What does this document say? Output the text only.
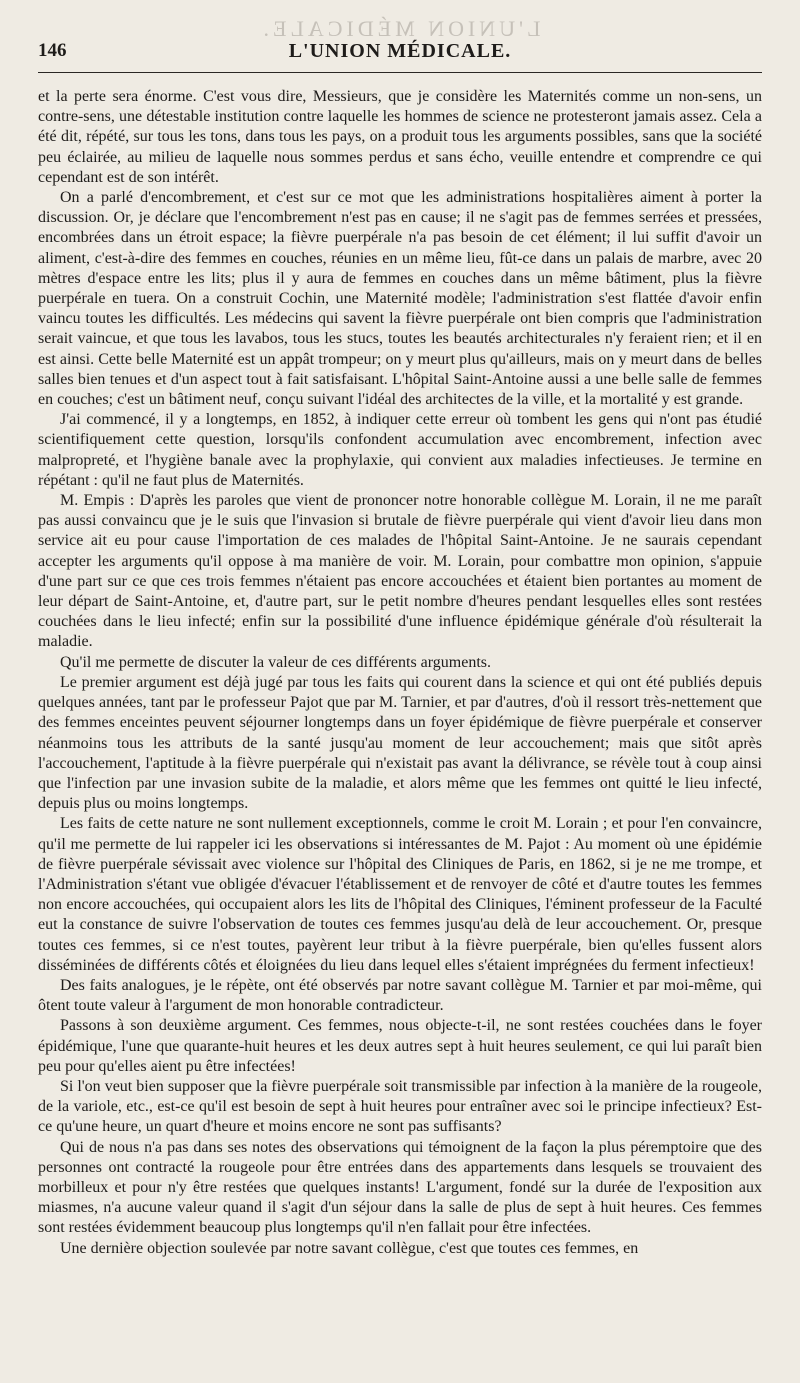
L'UNION MÉDICALE.
146	L'UNION MÉDICALE.

et la perte sera énorme. C'est vous dire, Messieurs, que je considère les Maternités comme un non-sens, un contre-sens, une détestable institution contre laquelle les hommes de science ne protesteront jamais assez. Cela a été dit, répété, sur tous les tons, dans tous les pays, on a produit tous les arguments possibles, sans que la société peu éclairée, au milieu de laquelle nous sommes perdus et sans écho, veuille entendre et comprendre ce qui cependant est de son intérêt.

On a parlé d'encombrement, et c'est sur ce mot que les administrations hospitalières aiment à porter la discussion. Or, je déclare que l'encombrement n'est pas en cause; il ne s'agit pas de femmes serrées et pressées, encombrées dans un étroit espace; la fièvre puerpérale n'a pas besoin de cet élément; il lui suffit d'avoir un aliment, c'est-à-dire des femmes en couches, réunies en un même lieu, fût-ce dans un palais de marbre, avec 20 mètres d'espace entre les lits; plus il y aura de femmes en couches dans un même bâtiment, plus la fièvre puerpérale en tuera. On a construit Cochin, une Maternité modèle; l'administration s'est flattée d'avoir enfin vaincu toutes les difficultés. Les médecins qui savent la fièvre puerpérale ont bien compris que l'administration serait vaincue, et que tous les lavabos, tous les stucs, toutes les beautés architecturales n'y feraient rien; et il en est ainsi. Cette belle Maternité est un appât trompeur; on y meurt plus qu'ailleurs, mais on y meurt dans de belles salles bien tenues et d'un aspect tout à fait satisfaisant. L'hôpital Saint-Antoine aussi a une belle salle de femmes en couches; c'est un bâtiment neuf, conçu suivant l'idéal des architectes de la ville, et la mortalité y est grande.

J'ai commencé, il y a longtemps, en 1852, à indiquer cette erreur où tombent les gens qui n'ont pas étudié scientifiquement cette question, lorsqu'ils confondent accumulation avec encombrement, infection avec malpropreté, et l'hygiène banale avec la prophylaxie, qui convient aux maladies infectieuses. Je termine en répétant : qu'il ne faut plus de Maternités.

M. Empis : D'après les paroles que vient de prononcer notre honorable collègue M. Lorain, il ne me paraît pas aussi convaincu que je le suis que l'invasion si brutale de fièvre puerpérale qui vient d'avoir lieu dans mon service ait eu pour cause l'importation de ces malades de l'hôpital Saint-Antoine. Je ne saurais cependant accepter les arguments qu'il oppose à ma manière de voir. M. Lorain, pour combattre mon opinion, s'appuie d'une part sur ce que ces trois femmes n'étaient pas encore accouchées et étaient bien portantes au moment de leur départ de Saint-Antoine, et, d'autre part, sur le petit nombre d'heures pendant lesquelles elles sont restées couchées dans le lieu infecté; enfin sur la possibilité d'une influence épidémique générale d'où résulterait la maladie.

Qu'il me permette de discuter la valeur de ces différents arguments.

Le premier argument est déjà jugé par tous les faits qui courent dans la science et qui ont été publiés depuis quelques années, tant par le professeur Pajot que par M. Tarnier, et par d'autres, d'où il ressort très-nettement que des femmes enceintes peuvent séjourner longtemps dans un foyer épidémique de fièvre puerpérale et conserver néanmoins tous les attributs de la santé jusqu'au moment de leur accouchement; mais que sitôt après l'accouchement, l'aptitude à la fièvre puerpérale qui n'existait pas avant la délivrance, se révèle tout à coup ainsi que l'infection par une invasion subite de la maladie, et alors même que les femmes ont quitté le lieu infecté, depuis plus ou moins longtemps.

Les faits de cette nature ne sont nullement exceptionnels, comme le croit M. Lorain ; et pour l'en convaincre, qu'il me permette de lui rappeler ici les observations si intéressantes de M. Pajot : Au moment où une épidémie de fièvre puerpérale sévissait avec violence sur l'hôpital des Cliniques de Paris, en 1862, si je ne me trompe, et l'Administration s'étant vue obligée d'évacuer l'établissement et de renvoyer de côté et d'autre toutes les femmes non encore accouchées, qui occupaient alors les lits de l'hôpital des Cliniques, l'éminent professeur de la Faculté eut la constance de suivre l'observation de toutes ces femmes jusqu'au delà de leur accouchement. Or, presque toutes ces femmes, si ce n'est toutes, payèrent leur tribut à la fièvre puerpérale, bien qu'elles fussent alors disséminées de différents côtés et éloignées du lieu dans lequel elles s'étaient imprégnées du ferment infectieux!

Des faits analogues, je le répète, ont été observés par notre savant collègue M. Tarnier et par moi-même, qui ôtent toute valeur à l'argument de mon honorable contradicteur.

Passons à son deuxième argument. Ces femmes, nous objecte-t-il, ne sont restées couchées dans le foyer épidémique, l'une que quarante-huit heures et les deux autres sept à huit heures seulement, ce qui lui paraît bien peu pour qu'elles aient pu être infectées!

Si l'on veut bien supposer que la fièvre puerpérale soit transmissible par infection à la manière de la rougeole, de la variole, etc., est-ce qu'il est besoin de sept à huit heures pour entraîner avec soi le principe infectieux? Est-ce qu'une heure, un quart d'heure et moins encore ne sont pas suffisants?

Qui de nous n'a pas dans ses notes des observations qui témoignent de la façon la plus péremptoire que des personnes ont contracté la rougeole pour être entrées dans des appartements dans lesquels se trouvaient des morbilleux et pour n'y être restées que quelques instants! L'argument, fondé sur la durée de l'exposition aux miasmes, n'a aucune valeur quand il s'agit d'un séjour dans la salle de plus de sept à huit heures. Ces femmes sont restées évidemment beaucoup plus longtemps qu'il n'en fallait pour être infectées.

Une dernière objection soulevée par notre savant collègue, c'est que toutes ces femmes, en
